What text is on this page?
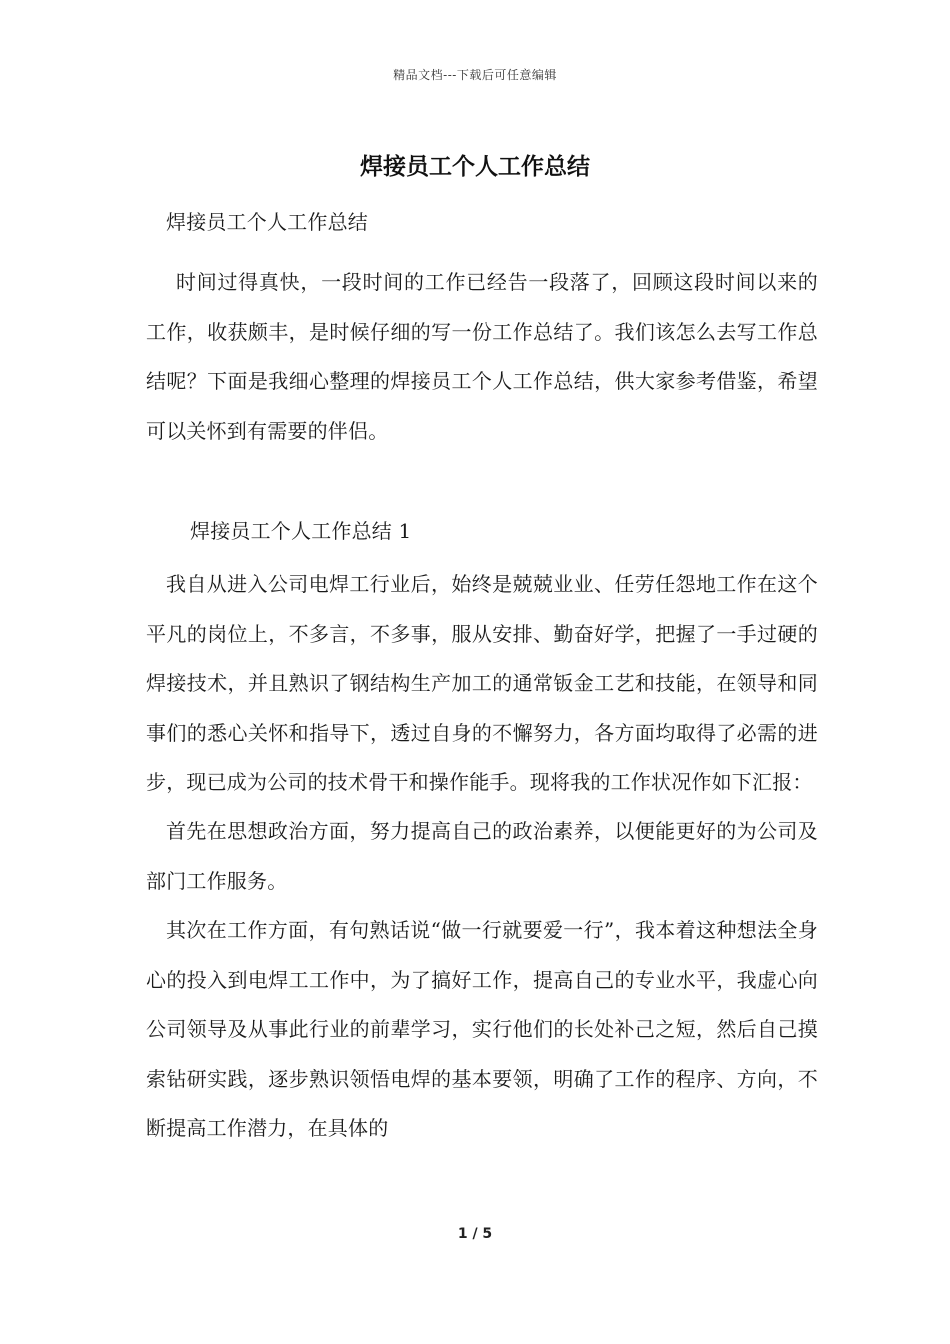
精品文档---下载后可任意编辑
焊接员工个人工作总结

焊接员工个人工作总结

时间过得真快，一段时间的工作已经告一段落了，回顾这段时间以来的工作，收获颇丰，是时候仔细的写一份工作总结了。我们该怎么去写工作总结呢？下面是我细心整理的焊接员工个人工作总结，供大家参考借鉴，希望可以关怀到有需要的伴侣。

焊接员工个人工作总结 1

我自从进入公司电焊工行业后，始终是兢兢业业、任劳任怨地工作在这个平凡的岗位上，不多言，不多事，服从安排、勤奋好学，把握了一手过硬的焊接技术，并且熟识了钢结构生产加工的通常钣金工艺和技能，在领导和同事们的悉心关怀和指导下，透过自身的不懈努力，各方面均取得了必需的进步，现已成为公司的技术骨干和操作能手。现将我的工作状况作如下汇报：

首先在思想政治方面，努力提高自己的政治素养，以便能更好的为公司及部门工作服务。

其次在工作方面，有句熟话说“做一行就要爱一行”，我本着这种想法全身心的投入到电焊工工作中，为了搞好工作，提高自己的专业水平，我虚心向公司领导及从事此行业的前辈学习，实行他们的长处补己之短，然后自己摸索钻研实践，逐步熟识领悟电焊的基本要领，明确了工作的程序、方向，不断提高工作潜力，在具体的

1 / 5
